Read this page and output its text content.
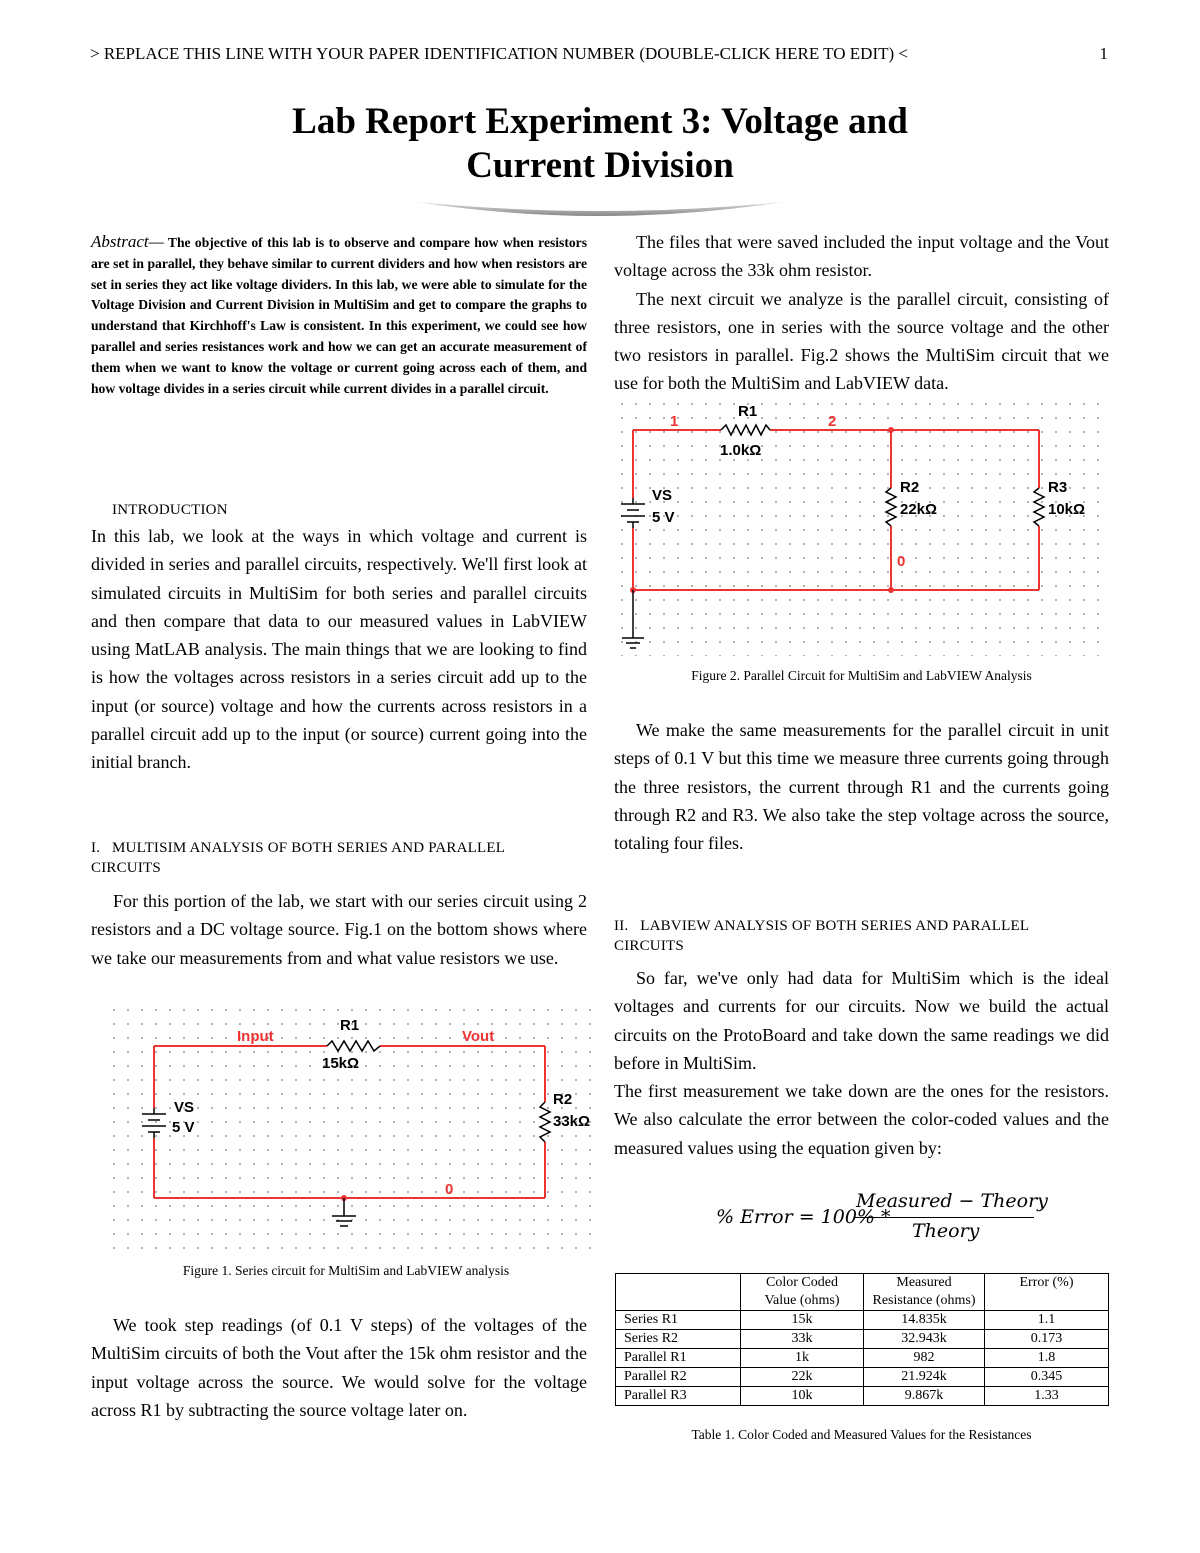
> REPLACE THIS LINE WITH YOUR PAPER IDENTIFICATION NUMBER (DOUBLE-CLICK HERE TO EDIT) <	1
Lab Report Experiment 3: Voltage and
Current Division
Abstract— The objective of this lab is to observe and compare how when resistors are set in parallel, they behave similar to current dividers and how when resistors are set in series they act like voltage dividers. In this lab, we were able to simulate for the Voltage Division and Current Division in MultiSim and get to compare the graphs to understand that Kirchhoff's Law is consistent. In this experiment, we could see how parallel and series resistances work and how we can get an accurate measurement of them when we want to know the voltage or current going across each of them, and how voltage divides in a series circuit while current divides in a parallel circuit.
INTRODUCTION

In this lab, we look at the ways in which voltage and current is divided in series and parallel circuits, respectively. We'll first look at simulated circuits in MultiSim for both series and parallel circuits and then compare that data to our measured values in LabVIEW using MatLAB analysis. The main things that we are looking to find is how the voltages across resistors in a series circuit add up to the input (or source) voltage and how the currents across resistors in a parallel circuit add up to the input (or source) current going into the initial branch.

I. MULTISIM ANALYSIS OF BOTH SERIES AND PARALLEL
CIRCUITS

For this portion of the lab, we start with our series circuit using 2 resistors and a DC voltage source. Fig.1 on the bottom shows where we take our measurements from and what value resistors we use.

Input	Vout
R1
15kΩ
R2
33kΩ
VS
5 V
0
Figure 1. Series circuit for MultiSim and LabVIEW analysis

We took step readings (of 0.1 V steps) of the voltages of the MultiSim circuits of both the Vout after the 15k ohm resistor and the input voltage across the source. We would solve for the voltage across R1 by subtracting the source voltage later on.

The files that were saved included the input voltage and the Vout voltage across the 33k ohm resistor.

The next circuit we analyze is the parallel circuit, consisting of three resistors, one in series with the source voltage and the other two resistors in parallel. Fig.2 shows the MultiSim circuit that we use for both the MultiSim and LabVIEW data.

1	2
R1
1.0kΩ
R2
22kΩ
R3
10kΩ
VS
5 V
0
Figure 2. Parallel Circuit for MultiSim and LabVIEW Analysis

We make the same measurements for the parallel circuit in unit steps of 0.1 V but this time we measure three currents going through the three resistors, the current through R1 and the currents going through R2 and R3. We also take the step voltage across the source, totaling four files.

II. LABVIEW ANALYSIS OF BOTH SERIES AND PARALLEL
CIRCUITS

So far, we've only had data for MultiSim which is the ideal voltages and currents for our circuits. Now we build the actual circuits on the ProtoBoard and take down the same readings we did before in MultiSim.

The first measurement we take down are the ones for the resistors. We also calculate the error between the color-coded values and the measured values using the equation given by:

% Error = 100% *
Measured − Theory
Theory
	Color Coded Value (ohms)	Measured Resistance (ohms)	Error (%)
Series R1	15k	14.835k	1.1
Series R2	33k	32.943k	0.173
Parallel R1	1k	982	1.8
Parallel R2	22k	21.924k	0.345
Parallel R3	10k	9.867k	1.33
Table 1. Color Coded and Measured Values for the Resistances
